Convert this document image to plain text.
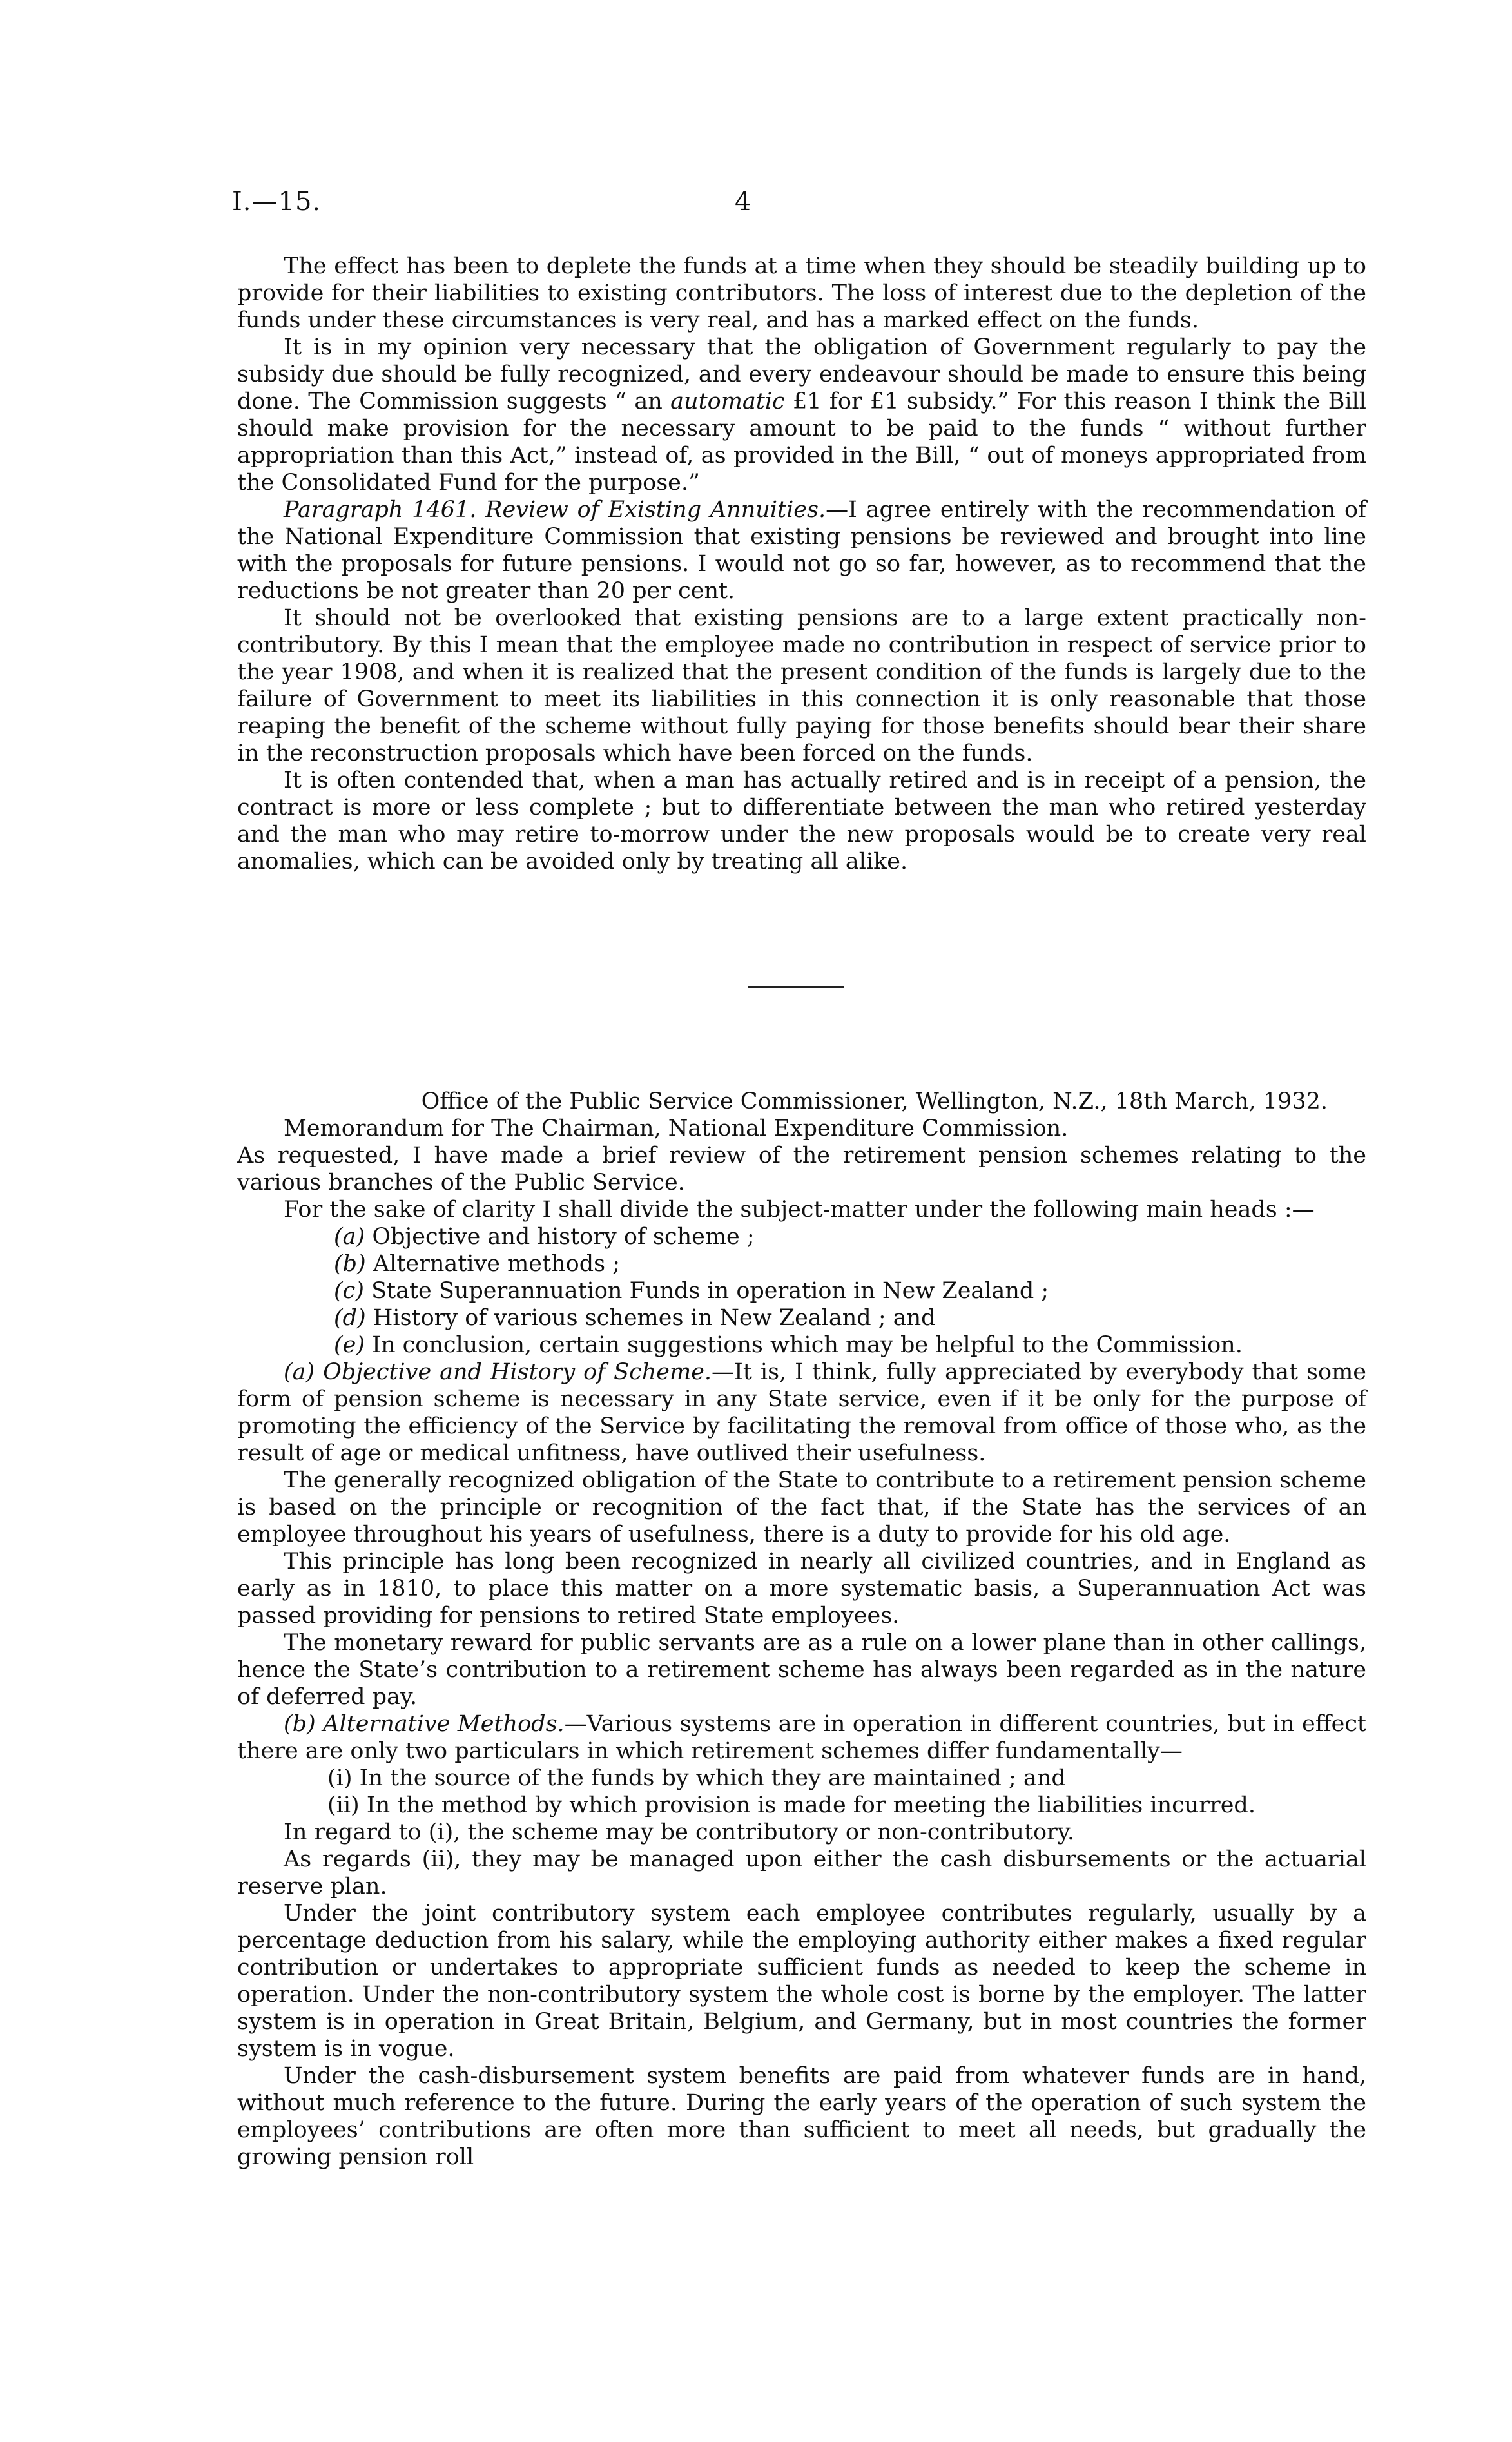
I.—15.	4

The effect has been to deplete the funds at a time when they should be steadily building up to provide for their liabilities to existing contributors. The loss of interest due to the depletion of the funds under these circumstances is very real, and has a marked effect on the funds.

It is in my opinion very necessary that the obligation of Government regularly to pay the subsidy due should be fully recognized, and every endeavour should be made to ensure this being done. The Commission suggests “ an automatic £1 for £1 subsidy.” For this reason I think the Bill should make provision for the necessary amount to be paid to the funds “ without further appropriation than this Act,” instead of, as provided in the Bill, “ out of moneys appropriated from the Consolidated Fund for the purpose.”

Paragraph 1461. Review of Existing Annuities.—I agree entirely with the recommendation of the National Expenditure Commission that existing pensions be reviewed and brought into line with the proposals for future pensions. I would not go so far, however, as to recommend that the reductions be not greater than 20 per cent.

It should not be overlooked that existing pensions are to a large extent practically non-contributory. By this I mean that the employee made no contribution in respect of service prior to the year 1908, and when it is realized that the present condition of the funds is largely due to the failure of Government to meet its liabilities in this connection it is only reasonable that those reaping the benefit of the scheme without fully paying for those benefits should bear their share in the reconstruction proposals which have been forced on the funds.

It is often contended that, when a man has actually retired and is in receipt of a pension, the contract is more or less complete ; but to differentiate between the man who retired yesterday and the man who may retire to-morrow under the new proposals would be to create very real anomalies, which can be avoided only by treating all alike.

Office of the Public Service Commissioner, Wellington, N.Z., 18th March, 1932.

Memorandum for The Chairman, National Expenditure Commission.

As requested, I have made a brief review of the retirement pension schemes relating to the various branches of the Public Service.

For the sake of clarity I shall divide the subject-matter under the following main heads :—

(a) Objective and history of scheme ;

(b) Alternative methods ;

(c) State Superannuation Funds in operation in New Zealand ;

(d) History of various schemes in New Zealand ; and

(e) In conclusion, certain suggestions which may be helpful to the Commission.

(a) Objective and History of Scheme.—It is, I think, fully appreciated by everybody that some form of pension scheme is necessary in any State service, even if it be only for the purpose of promoting the efficiency of the Service by facilitating the removal from office of those who, as the result of age or medical unfitness, have outlived their usefulness.

The generally recognized obligation of the State to contribute to a retirement pension scheme is based on the principle or recognition of the fact that, if the State has the services of an employee throughout his years of usefulness, there is a duty to provide for his old age.

This principle has long been recognized in nearly all civilized countries, and in England as early as in 1810, to place this matter on a more systematic basis, a Superannuation Act was passed providing for pensions to retired State employees.

The monetary reward for public servants are as a rule on a lower plane than in other callings, hence the State’s contribution to a retirement scheme has always been regarded as in the nature of deferred pay.

(b) Alternative Methods.—Various systems are in operation in different countries, but in effect there are only two particulars in which retirement schemes differ fundamentally—

(i) In the source of the funds by which they are maintained ; and

(ii) In the method by which provision is made for meeting the liabilities incurred.

In regard to (i), the scheme may be contributory or non-contributory.

As regards (ii), they may be managed upon either the cash disbursements or the actuarial reserve plan.

Under the joint contributory system each employee contributes regularly, usually by a percentage deduction from his salary, while the employing authority either makes a fixed regular contribution or undertakes to appropriate sufficient funds as needed to keep the scheme in operation. Under the non-contributory system the whole cost is borne by the employer. The latter system is in operation in Great Britain, Belgium, and Germany, but in most countries the former system is in vogue.

Under the cash-disbursement system benefits are paid from whatever funds are in hand, without much reference to the future. During the early years of the operation of such system the employees’ contributions are often more than sufficient to meet all needs, but gradually the growing pension roll
